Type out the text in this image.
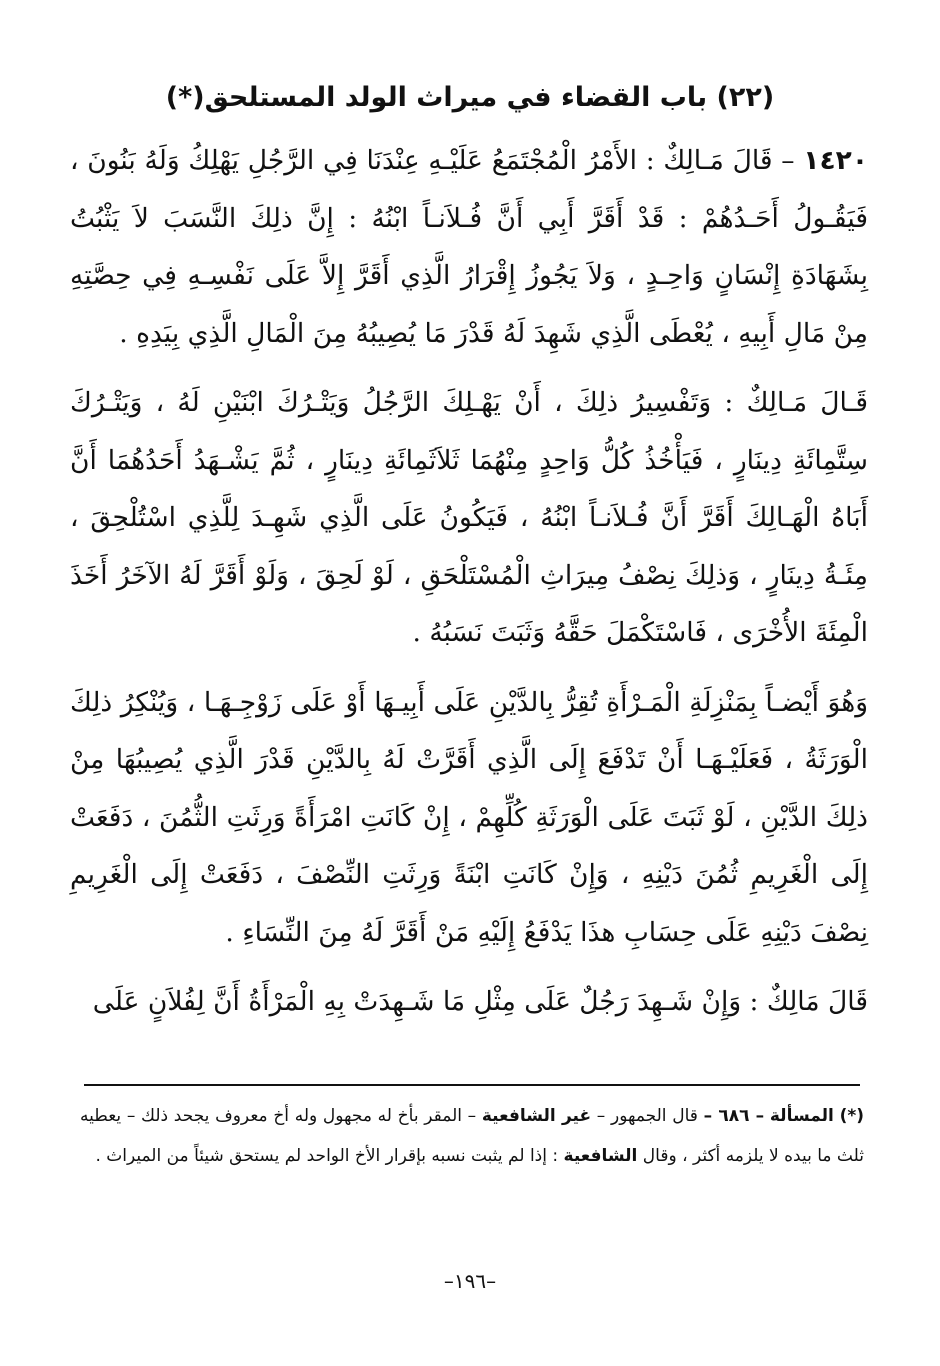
(٢٢) باب القضاء في ميراث الولد المستلحق(*)

١٤٢٠ – قَالَ مَـالِكٌ : الأَمْرُ الْمُجْتَمَعُ عَلَيْـهِ عِنْدَنَا فِي الرَّجُلِ يَهْلِكُ وَلَهُ بَنُونَ ، فَيَقُـولُ أَحَـدُهُمْ : قَدْ أَقَرَّ أَبِي أَنَّ فُـلاَنـاً ابْنُهُ : إِنَّ ذلِكَ النَّسَبَ لاَ يَثْبُتُ بِشَهَادَةِ إِنْسَانٍ وَاحِـدٍ ، وَلاَ يَجُوزُ إِقْرَارُ الَّذِي أَقَرَّ إِلاَّ عَلَى نَفْسِـهِ فِي حِصَّتِهِ مِنْ مَالِ أَبِيهِ ، يُعْطَى الَّذِي شَهِدَ لَهُ قَدْرَ مَا يُصِيبُهُ مِنَ الْمَالِ الَّذِي بِيَدِهِ .

قَـالَ مَـالِكٌ : وَتَفْسِيرُ ذلِكَ ، أَنْ يَهْـلِكَ الرَّجُلُ وَيَتْـرُكَ ابْنَيْنِ لَهُ ، وَيَتْـرُكَ سِتَّمِائَةِ دِينَارٍ ، فَيَأْخُذُ كُلُّ وَاحِدٍ مِنْهُمَا ثَلاَثَمِائَةِ دِينَارٍ ، ثُمَّ يَشْـهَدُ أَحَدُهُمَا أَنَّ أَبَاهُ الْهَـالِكَ أَقَرَّ أَنَّ فُـلاَنـاً ابْنُهُ ، فَيَكُونُ عَلَى الَّذِي شَهِـدَ لِلَّذِي اسْتُلْحِقَ ، مِئَـةُ دِينَارٍ ، وَذلِكَ نِصْفُ مِيرَاثِ الْمُسْتَلْحَقِ ، لَوْ لَحِقَ ، وَلَوْ أَقَرَّ لَهُ الآخَرُ أَخَذَ الْمِئَةَ الأُخْرَى ، فَاسْتَكْمَلَ حَقَّهُ وَثَبَتَ نَسَبُهُ .

وَهُوَ أَيْضـاً بِمَنْزِلَةِ الْمَـرْأَةِ تُقِرُّ بِالدَّيْنِ عَلَى أَبِيـهَا أَوْ عَلَى زَوْجِـهَـا ، وَيُنْكِرُ ذلِكَ الْوَرَثَةُ ، فَعَلَيْـهَـا أَنْ تَدْفَعَ إِلَى الَّذِي أَقَرَّتْ لَهُ بِالدَّيْنِ قَدْرَ الَّذِي يُصِيبُهَا مِنْ ذلِكَ الدَّيْنِ ، لَوْ ثَبَتَ عَلَى الْوَرَثَةِ كُلِّهِمْ ، إِنْ كَانَتِ امْرَأَةً وَرِثَتِ الثُّمُنَ ، دَفَعَتْ إِلَى الْغَرِيمِ ثُمُنَ دَيْنِهِ ، وَإِنْ كَانَتِ ابْنَةً وَرِثَتِ النِّصْفَ ، دَفَعَتْ إِلَى الْغَرِيمِ نِصْفَ دَيْنِهِ عَلَى حِسَابِ هذَا يَدْفَعُ إِلَيْهِ مَنْ أَقَرَّ لَهُ مِنَ النِّسَاءِ .

قَالَ مَالِكٌ : وَإِنْ شَـهِدَ رَجُلٌ عَلَى مِثْلِ مَا شَـهِدَتْ بِهِ الْمَرْأَةُ أَنَّ لِفُلاَنٍ عَلَى

(*) المسألة – ٦٨٦ – قال الجمهور – غير الشافعية – المقر بأخ له مجهول وله أخ معروف يجحد ذلك – يعطيه ثلث ما بيده لا يلزمه أكثر ، وقال الشافعية : إذا لم يثبت نسبه بإقرار الأخ الواحد لم يستحق شيئاً من الميراث .

–١٩٦–
